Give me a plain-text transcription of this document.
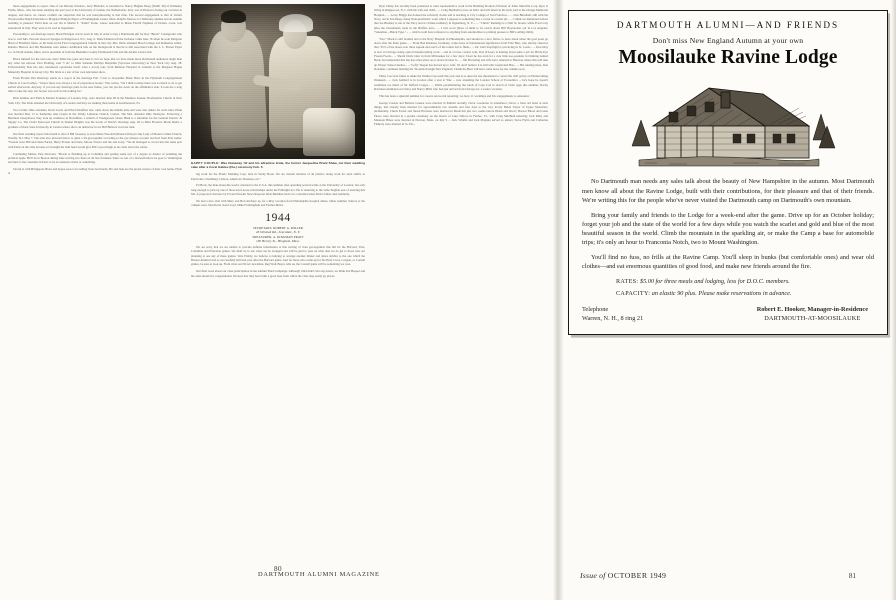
those engagements to report. One of our Rhodes Scholars, Jerry Blanchet, is betrothed to Nancy Hughes Hoag (Smith '48) of Wellesley Farms, Mass., who has been studying the past year at the University of Leiden, the Netherlands. Jerry was in Hanover during our vacation in August, and hence we cannot confirm our suspicion that he was honeymooning at that time. The second engagement is that of former Woodwardite Ralph Entwistle to Margaret Philippa Pigors of Framingham Center, Mass. Ralph's fiancee is a Wellesley alumna and an autumn wedding is planned. Third man on our list is Martin T. "Killer" Kane, whose betrothal to Marie Farrell Napheus of Darien, Conn. was announced in July. They were to be wed in September.

Proceeding to our marriage report, Hack Harrigan was in town in July in order to buy a Dartmouth gift for Roy "Butch" Consigrount who was to wed Mrs. Nevada Linscott Sprague in Ridgewood, N.J., Aug. 6. Dixie Daniels left the bachelor ranks June 18 when he took Margaret Head of Pittsfield, Mass. as his bride in the First Congregational Church in that city. Mrs. Dixie attended Hood College and Katherine Gibbs, Roberto Herrera and Jim Heenahan were ushers. Additional info on the bridegroom is that he is still associated with the L. L. Brown Paper Co. in North Adams, Mass. and is president of both the Berkshire County Dartmouth Club and the Adams Lions Club.

Bruce himself for the next one, men! Dixie has gone and done it, but we hope that we have made more Dartmouth audiences laugh than any other ten emcees. Don Fielding, said "I do" to Miss Suzanne Marilyn Benjamin (Syracuse University) in New York City Aug. 28. Professionally Don has also transferred operations itself, what a lovely pair; from Belleton Hospital in Gotham to the Margaret Hague Maternity Hospital in Jersey City. His bride is a star of her own television show.

From Florida Wes Dunaway sends us a report of his marriage Feb. 5 last to Jacqueline Brant Shaw in the Plymouth Congregational Church at Coral Gables. "I know there was always a lot of preparation books," Wes writes, "but I didn't realize there was so much to do to get settled afterwards. Anyway, if you run any marriage polls in the near future, you can put me down on the affirmative side. It took me a long time to take the step, but Jacque was well worth waiting for."

Dick Kimber and Patricia Marion Tonniere of London, Eng. were married June 28 in the Madison Avenue Presbyterian Church in New York City. The bride attended the University of London and they are making their home in Germantown, Pa.

Two Curtin, Ohio residents, Doris Lewis and Hard Schaffner also came down the middle aisle and were also ushers for each other. Hank was married May 13 to Katherine Ann Crapin in the Trinity Lutheran Church, Canton. The Mrs. attended Ohio Wesleyan. Following a Bermuda honeymoon, they took up residence in Boardman, a suburb of Youngstown where Hank is a salesman for the General Electric & Supply Co. The Christ Episcopal Church in Shaker Heights was the locale of Dusty's marriage Aug. 20 to Miss Florence Marie Riehl, a graduate of Kent State University in Canton where she is an instructor in art. Bill Bullock was best man.

Our final wedding report this month is that of Bill Sweeney to Jean Marie Woodall (Mount Gibbs) in Our Lady of Mount Carmel Church, Tenafly, N.J. May 7. The altar also pictured below to quite a '45-get-together according to the eye witness account received from Pete Geiler. "Present were Bill and Ozzie Farley, Harry Frazier and mate, Moose Trower and me and avery, "We all managed to crowd into the same pew with Paint on the aisle because we thought his bald head would give Bill a good laugh as he came down the center.

Continuing further, Pete discloses: "Howie is finishing up at Columbia and getting some sort of a degree as master of polishing the political apple. He'll be in Boston during June serving two lines on all less fortunate '44ers as sort of a farewell before he goes to Washington and then to the consulate in Paris to be an assistant airsira or something.

Tucent is with Bridgeport Brass and hopes soon to be selling brass bed knobs. He and Jean are the proud owners of their own home. Hyde is

HAPPY COUPLE: Wes Dunaway '42 and his attractive bride, the former Jacqueline Brant Shaw, cut their wedding cake after a Coral Gables (Fla.) ceremony Feb. 5.

ing work for the Plastic Molding Corp. here in Sandy Hook. We are custom molders of all plastics doing work for such outfits as Electrolux, Stromberg Carlson, American Thomson, etc."

Ed Bock, the man-about-the-world, returned to the U.S.A. this summer after spending several terms at the University of London, but only long enough to pick up one of those hoof-loose scholarships under the Fulbright Act. He is returning to the same English seat of learning this fall. A projected visit here by Ed and Newark News Reporter Dick Burkhart had to be cancelled when Dick's father died suddenly.

We had a nice visit with Mary and Bob Aitchary up for a May vacation from Philadelphia hospital duties. Other summer visitors to the campus were John Kertz, Ken Lloyd, Mike Frothingham and Farmer Meisl.

1944
SECRETARY, ROBERT A. MILLER
26 Olmsted Rd., Scarsdale, N. Y.
TREASURER, A. KINGMAN PRATT
100 Hervey St., Hingham, Mass.

We are sorry that we are unable to provide definite information at this writing of class get-togethers this fall for the Harvard, Yale, Columbia and Princeton games. We shall try to see what can be arranged and will be glad to pass on what data we do get to those who are planning to see any of these games. Vern Priddy, we believe, is helping to arrange another dinner and dance similar to the one which the Boston Alumni Club so successfully held last year after the Harvard game. And for those who come up for the Holy Cross, Colgate, or Cornell games, be sure to look up. From what our DCAC newsman, Reg Wolf-Bayer, tells us, the Cornell game will be something we won.

Our final word about our class participation in the Alumni Fund Campaign. Although 1944 didn't win any prizes, we think Ted Heeper and his aides should be congratulated. We hear that they have built a good base from which the class may easily go places.

Dyer Tulley has recently been promoted to sales representative work in the Building Products Division of Johns Manville Corp. Dyer is living in Ridgewood, N. J. with his wife and child... ... Craig Hoelbeth is now an M.D. and will intern in his back yard at the Orange Memorial Hospital... ... Leroy Briggs has donned the scholarly cloaks and is teaching at City College of San Francisco... ... Don Burnham, still with the Navy, out in San Diego doing Nonoperabiatric work which I suppose is something like a carrot in a realer pit... ... I think we mentioned before that Joe Buckley is out of the Navy and at civilian residency in Ogdenburg, N. Y.... ... "Chuck" Remdigs is a Wall St. broker, while Fred Coby plies the investments trade in the Buffalo area... ... I had word (three of them to be exact) about Bill Hoyslocker out in Los Angeles: "Salesman—Buick Type."... ... which could have reference to anything from automobiles to printing presses to Bill's selling ability.

"Doc" Mack is still braided and at the Navy Hospital in Philadelphia, and should be a nice fellow to have about when the goal posts go down after the Penn game... ... From Bad Kissinen, Germany, come notes of international significance from Fritz Herr, who shortly observes that "45% of the shoes over there squeak and one% of the toilets fail to flush... ... Dr. John Stapfright is practicing in St. Louis... ... Don Moy is now in Chicago doing optical manufacturing work ... and in a lower control vein, Pete O'Leary is hauling about quite a job for Bird's-Eye Frozen Foods... ... Sherm Davis blew in from Milwaukee for a few days; I hear he has even for a cute little zoo-pounder in Ostining named Beck, but understand that she has other plans on or about October 8... ... Jim Browning and wife have returned to Hanover where Jim will take up Thayer School studies... ..."Lefty" Regan has moved up to Golf, Ill. and I believe it is still with Greyhound Bus... ... His running mate, Don Donahue, continues bustling the "Rounds through New England; I think the Bear will have some news for the column soon.

Pinky Corcoran failed to make the Walker Cup team this year and is so upset he has threatened to cancel the cleft policy on Homecoming Weekend... ... Jack Gaillard is in London after a tour at Yale ... now attending the London School of Economics ... he's hope he doesn't assimilate too much of Sir Stifford Crapps... ... While perambulating the sands of Cape Cod in search of birds' eggs this summer, Rocky Davidson stumbled over Dave and Nancy Mills who had just arrived from Chicago for a week's vacation.

This has been a splendid summer for careers and social reporting; we have 11 weddings and five engagements to announce:

George Cusack and Barbara Greene were married in Pelham recently, Oscar Goodecke in attendance; Oscar, a blast old hand at such things, had already been married for approximately two months and four days to the very lovely Helen Taylor of Upper Montclair; incidentally, Chuck Foster and Susan Harrison were married in Montclair just two weeks before Helen and Oscar; Horace Blood and Gene Pierce were married in a garden ceremony on the shores of Lake Simcoe in Fairlee, Vt., with Craig MacBeth ushering; Jack Riley and Maureen Hines were married in Newton, Mass. on July 9 ... Jack Schultz and Jack Maguire served as ushers; Steve Flynn and Catherine Flaherty were married in St. Pat...

80
DARTMOUTH ALUMNI MAGAZINE
DARTMOUTH ALUMNI—AND FRIENDS
Don't miss New England Autumn at your own
Moosilauke Ravine Lodge

No Dartmouth man needs any sales talk about the beauty of New Hampshire in the autumn. Most Dartmouth men know all about the Ravine Lodge, built with their contributions, for their pleasure and that of their friends. We're writing this for the people who've never visited the Dartmouth camp on Dartmouth's own mountain.

Bring your family and friends to the Lodge for a week-end after the game. Drive up for an October holiday; forget your job and the state of the world for a few days while you watch the scarlet and gold and blue of the most beautiful season in the world. Climb the mountain in the sparkling air, or make the Camp a base for automobile trips; it's only an hour to Franconia Notch, two to Mount Washington.

You'll find no fuss, no frills at the Ravine Camp. You'll sleep in bunks (but comfortable ones) and wear old clothes—and eat enormous quantities of good food, and make new friends around the fire.

RATES: $5.00 for three meals and lodging, less for D.O.C. members.
CAPACITY: an elastic 90 plus. Please make reservations in advance.
Telephone
Warren, N. H., 8 ring 21
Robert E. Hooker, Manager-in-Residence
DARTMOUTH-AT-MOOSILAUKE
Issue of OCTOBER 1949	81
